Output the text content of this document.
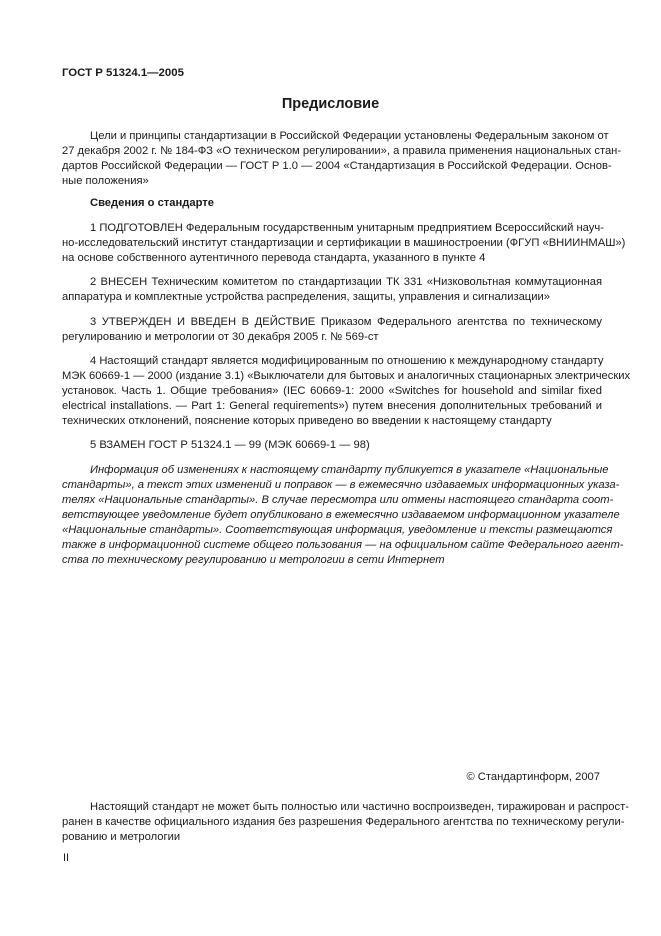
ГОСТ Р 51324.1—2005
Предисловие
Цели и принципы стандартизации в Российской Федерации установлены Федеральным законом от
27 декабря 2002 г. № 184-ФЗ «О техническом регулировании», а правила применения национальных стан-
дартов Российской Федерации — ГОСТ Р 1.0 — 2004 «Стандартизация в Российской Федерации. Основ-
ные положения»
Сведения о стандарте
1 ПОДГОТОВЛЕН Федеральным государственным унитарным предприятием Всероссийский науч-
но-исследовательский институт стандартизации и сертификации в машиностроении (ФГУП «ВНИИНМАШ»)
на основе собственного аутентичного перевода стандарта, указанного в пункте 4
2 ВНЕСЕН Техническим комитетом по стандартизации ТК 331 «Низковольтная коммутационная
аппаратура и комплектные устройства распределения, защиты, управления и сигнализации»
3 УТВЕРЖДЕН И ВВЕДЕН В ДЕЙСТВИЕ Приказом Федерального агентства по техническому
регулированию и метрологии от 30 декабря 2005 г. № 569-ст
4 Настоящий стандарт является модифицированным по отношению к международному стандарту
МЭК 60669-1 — 2000 (издание 3.1) «Выключатели для бытовых и аналогичных стационарных электрических
установок. Часть 1. Общие требования» (IEC 60669-1: 2000 «Switches for household and similar fixed
electrical installations. — Part 1: General requirements») путем внесения дополнительных требований и
технических отклонений, пояснение которых приведено во введении к настоящему стандарту
5 ВЗАМЕН ГОСТ Р 51324.1 — 99 (МЭК 60669-1 — 98)
Информация об изменениях к настоящему стандарту публикуется в указателе «Национальные
стандарты», а текст этих изменений и поправок — в ежемесячно издаваемых информационных указа-
телях «Национальные стандарты». В случае пересмотра или отмены настоящего стандарта соот-
ветствующее уведомление будет опубликовано в ежемесячно издаваемом информационном указателе
«Национальные стандарты». Соответствующая информация, уведомление и тексты размещаются
также в информационной системе общего пользования — на официальном сайте Федерального агент-
ства по техническому регулированию и метрологии в сети Интернет
© Стандартинформ, 2007
Настоящий стандарт не может быть полностью или частично воспроизведен, тиражирован и распрост-
ранен в качестве официального издания без разрешения Федерального агентства по техническому регули-
рованию и метрологии
II
